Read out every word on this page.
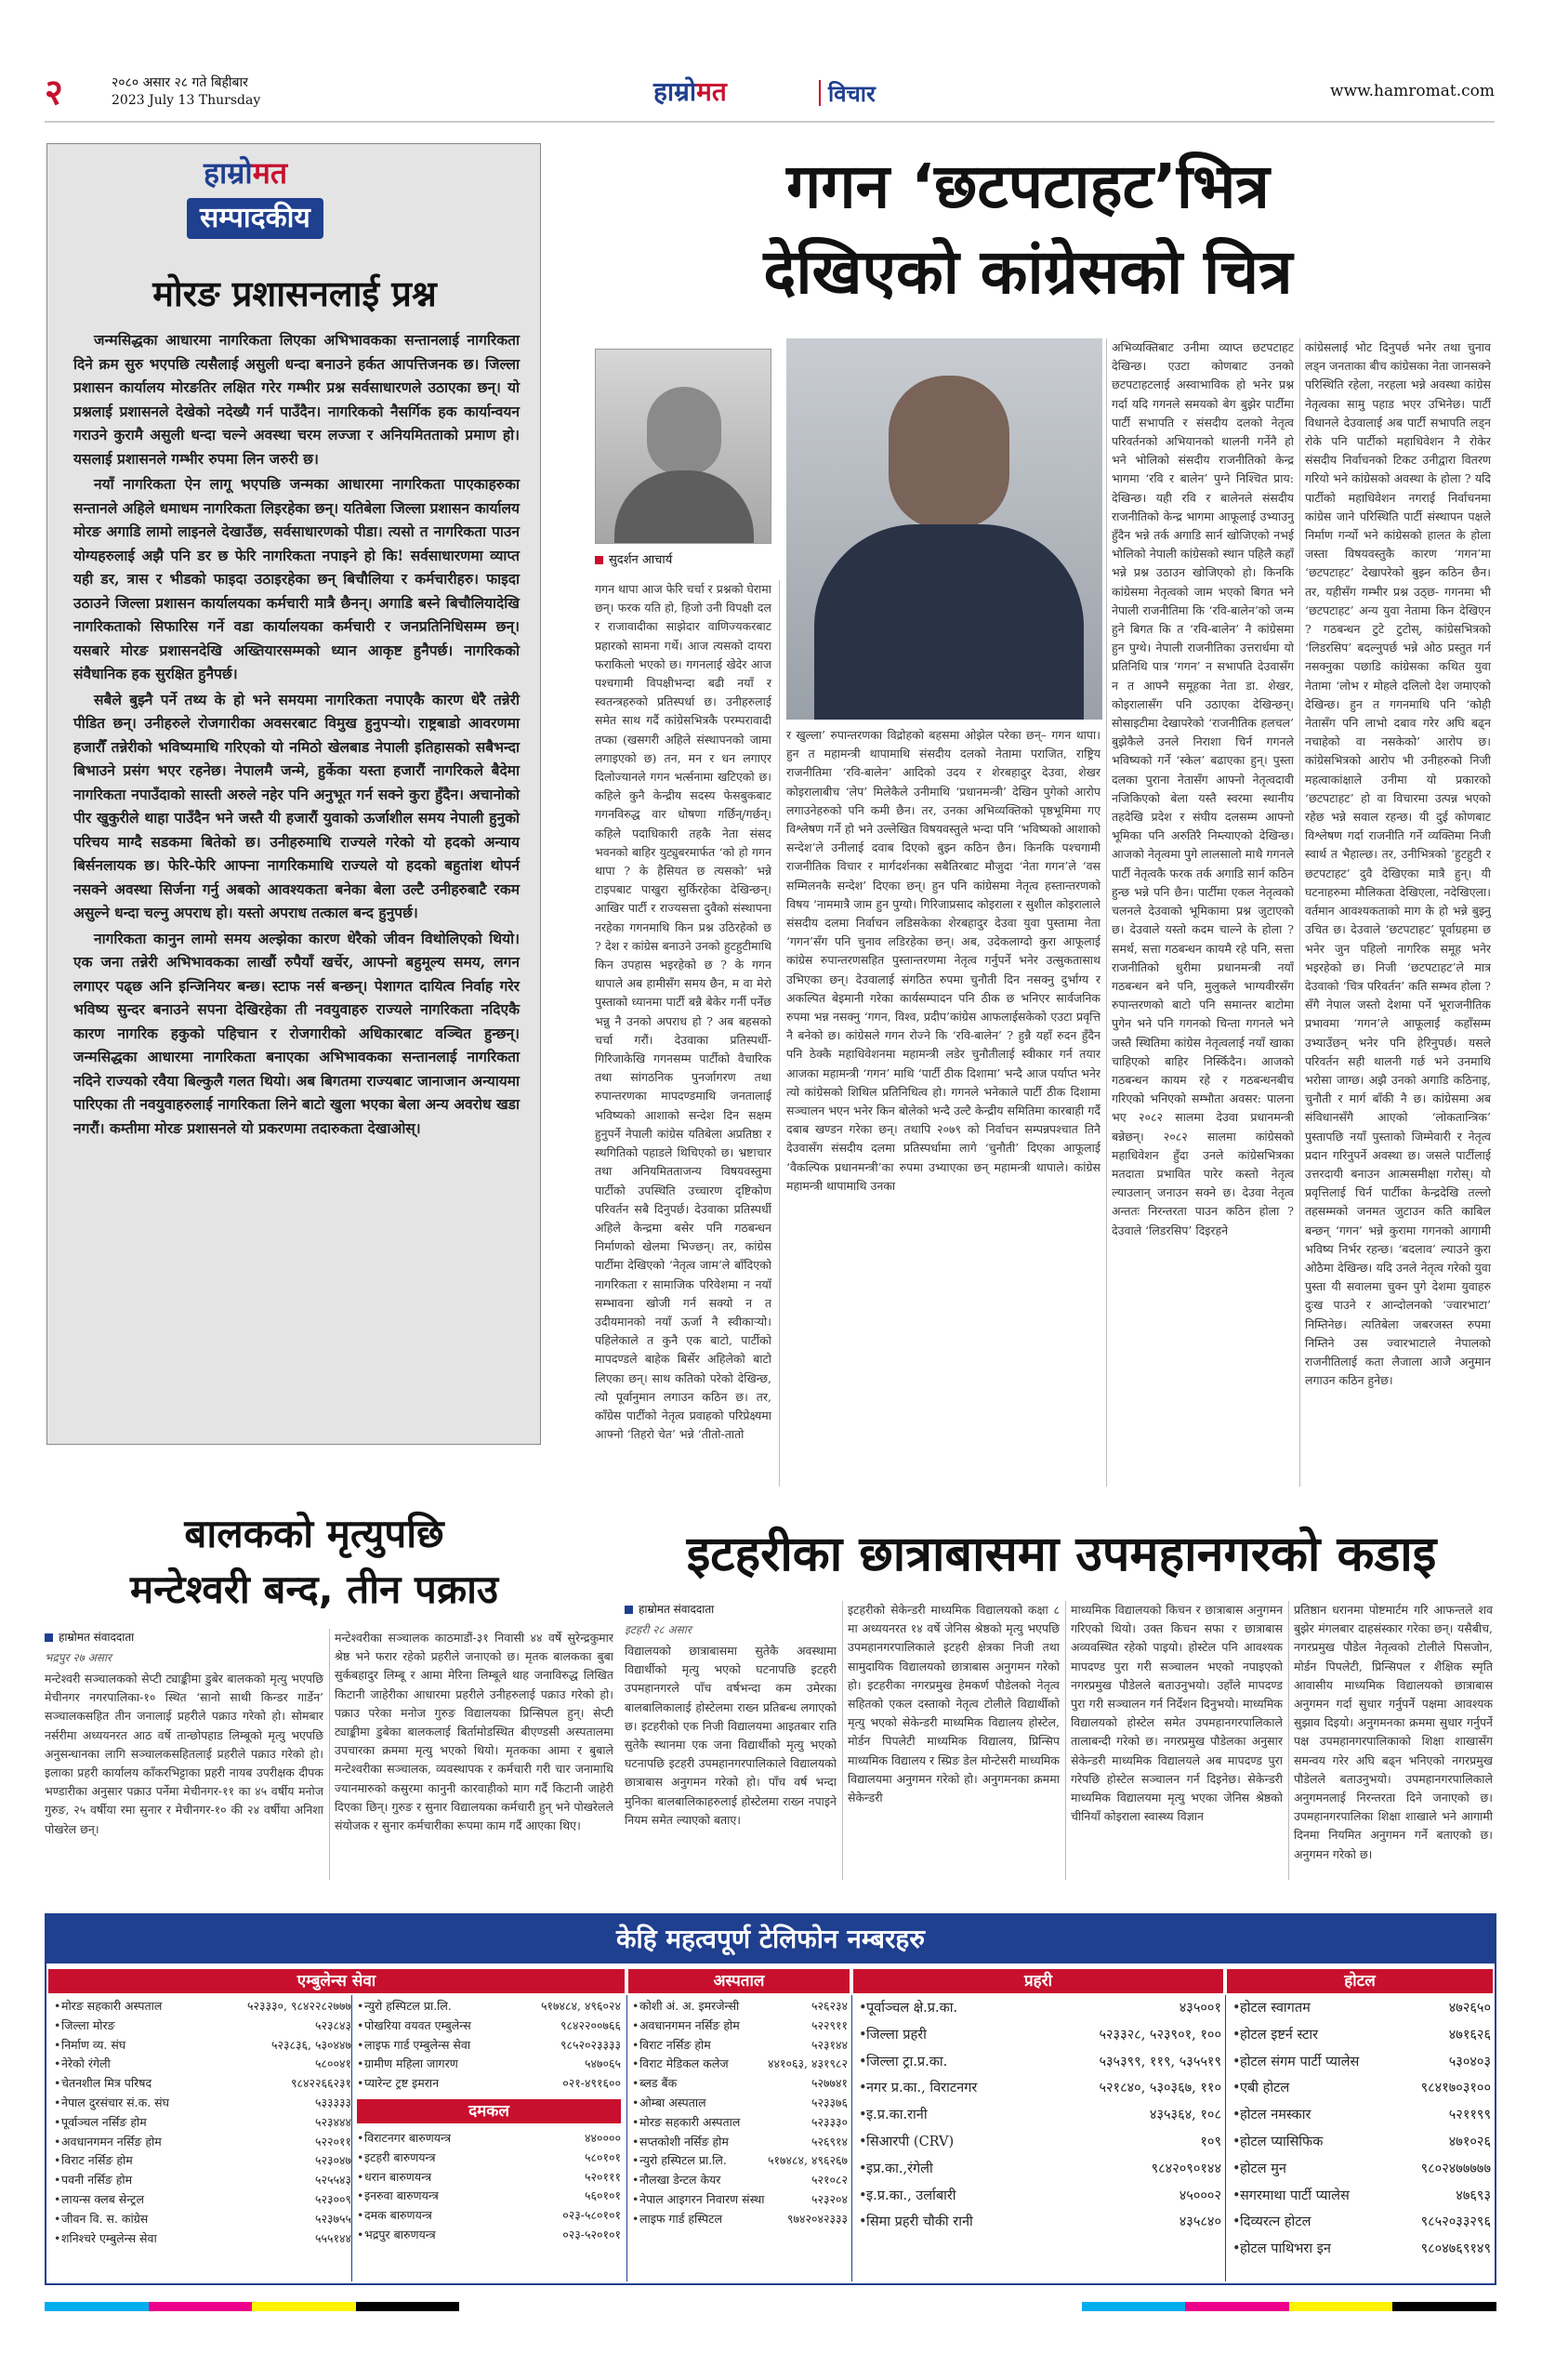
२	२०८० असार २८ गते बिहीबार
2023 July 13 Thursday	हाम्रोमत	विचार	www.hamromat.com
हाम्रोमत
सम्पादकीय
मोरङ प्रशासनलाई प्रश्न

जन्मसिद्धका आधारमा नागरिकता लिएका अभिभावकका सन्तानलाई नागरिकता दिने क्रम सुरु भएपछि त्यसैलाई असुली धन्दा बनाउने हर्कत आपत्तिजनक छ। जिल्ला प्रशासन कार्यालय मोरङतिर लक्षित गरेर गम्भीर प्रश्न सर्वसाधारणले उठाएका छन्। यो प्रश्नलाई प्रशासनले देखेको नदेख्यै गर्न पाउँदैन। नागरिकको नैसर्गिक हक कार्यान्वयन गराउने कुरामै असुली धन्दा चल्ने अवस्था चरम लज्जा र अनियमितताको प्रमाण हो। यसलाई प्रशासनले गम्भीर रुपमा लिन जरुरी छ।

नयाँ नागरिकता ऐन लागू भएपछि जन्मका आधारमा नागरिकता पाएकाहरुका सन्तानले अहिले धमाधम नागरिकता लिइरहेका छन्। यतिबेला जिल्ला प्रशासन कार्यालय मोरङ अगाडि लामो लाइनले देखाउँछ, सर्वसाधारणको पीडा। त्यसो त नागरिकता पाउन योग्यहरुलाई अझै पनि डर छ फेरि नागरिकता नपाइने हो कि! सर्वसाधारणमा व्याप्त यही डर, त्रास र भीडको फाइदा उठाइरहेका छन् बिचौलिया र कर्मचारीहरु। फाइदा उठाउने जिल्ला प्रशासन कार्यालयका कर्मचारी मात्रै छैनन्। अगाडि बस्ने बिचौलियादेखि नागरिकताको सिफारिस गर्ने वडा कार्यालयका कर्मचारी र जनप्रतिनिधिसम्म छन्। यसबारे मोरङ प्रशासनदेखि अख्तियारसम्मको ध्यान आकृष्ट हुनैपर्छ। नागरिकको संवैधानिक हक सुरक्षित हुनैपर्छ।

सबैले बुझ्नै पर्ने तथ्य के हो भने समयमा नागरिकता नपाएकै कारण धेरै तन्नेरी पीडित छन्। उनीहरुले रोजगारीका अवसरबाट विमुख हुनुपर्‍यो। राष्ट्रबाडो आवरणमा हजारौँ तन्नेरीको भविष्यमाथि गरिएको यो नमिठो खेलबाड नेपाली इतिहासको सबैभन्दा बिभाउने प्रसंग भएर रहनेछ। नेपालमै जन्मे, हुर्केका यस्ता हजारौं नागरिकले बैदेमा नागरिकता नपाउँदाको सास्ती अरुले नहेर पनि अनुभूत गर्न सक्ने कुरा हुँदैन। अचानोको पीर खुकुरीले थाहा पाउँदैन भने जस्तै यी हजारौं युवाको ऊर्जाशील समय नेपाली हुनुको परिचय माग्दै सडकमा बितेको छ। उनीहरुमाथि राज्यले गरेको यो हदको अन्याय बिर्सनलायक छ। फेरि-फेरि आफ्ना नागरिकमाथि राज्यले यो हदको बहुतांश थोपर्न नसक्ने अवस्था सिर्जना गर्नु अबको आवश्यकता बनेका बेला उल्टै उनीहरुबाटै रकम असुल्ने धन्दा चल्नु अपराध हो। यस्तो अपराध तत्काल बन्द हुनुपर्छ।

नागरिकता कानुन लामो समय अल्झेका कारण धेरैको जीवन विथोलिएको थियो। एक जना तन्नेरी अभिभावकका लाखौं रुपैयाँ खर्चेर, आफ्नो बहुमूल्य समय, लगन लगाएर पढ्छ अनि इन्जिनियर बन्छ। स्टाफ नर्स बन्छन्। पेशागत दायित्व निर्वाह गरेर भविष्य सुन्दर बनाउने सपना देखिरहेका ती नवयुवाहरु राज्यले नागरिकता नदिएकै कारण नागरिक हकुको पहिचान र रोजगारीको अधिकारबाट वञ्चित हुन्छन्। जन्मसिद्धका आधारमा नागरिकता बनाएका अभिभावकका सन्तानलाई नागरिकता नदिने राज्यको रवैया बिल्कुलै गलत थियो। अब बिगतमा राज्यबाट जानाजान अन्यायमा पारिएका ती नवयुवाहरुलाई नागरिकता लिने बाटो खुला भएका बेला अन्य अवरोध खडा नगरौं। कम्तीमा मोरङ प्रशासनले यो प्रकरणमा तदारुकता देखाओस्।

गगन ‘छटपटाहट’भित्र
देखिएको कांग्रेसको चित्र
सुदर्शन आचार्य
गगन थापा आज फेरि चर्चा र प्रश्नको घेरामा छन्। फरक यति हो, हिजो उनी विपक्षी दल र राजावादीका साझेदार वाणिज्यकरबाट प्रहारको सामना गर्थे। आज त्यसको दायरा फराकिलो भएको छ। गगनलाई खेदेर आज पश्चगामी विपक्षीभन्दा बढी नयाँ र स्वतन्त्रहरुको प्रतिस्पर्धा छ। उनीहरुलाई समेत साथ गर्दै कांग्रेसभित्रकै परम्परावादी तप्का (खसगरी अहिले संस्थापनको जामा लगाइएको छ) तन, मन र धन लगाएर दिलोज्यानले गगन भर्त्सनामा खटिएको छ। कहिले कुनै केन्द्रीय सदस्य फेसबुकबाट गगनविरुद्ध वार धोषणा गर्छिन्/गर्छन्। कहिले पदाधिकारी तहकै नेता संसद भवनको बाहिर युट्युबरमार्फत ‘को हो गगन थापा ? के हैसियत छ त्यसको’ भन्ने टाइपबाट पाखुरा सुर्किरहेका देखिन्छन्। आखिर पार्टी र राज्यसत्ता दुवैको संस्थापना नरहेका गगनमाथि किन प्रश्न उठिरहेको छ ? देश र कांग्रेस बनाउने उनको हुटहुटीमाथि किन उपहास भइरहेको छ ? के गगन थापाले अब हामीसँग समय छैन, म वा मेरो पुस्ताको ध्यानमा पार्टी बन्नै बेकेर गर्नी पर्नेछ भन्नु नै उनको अपराध हो ? अब बहसको चर्चा गरौं। देउवाका प्रतिस्पर्धी- गिरिजाकेखि गगनसम्म पार्टीको वैचारिक तथा सांगठनिक पुनर्जागरण तथा रुपान्तरणका मापदण्डमाथि जनतालाई भविष्यको आशाको सन्देश दिन सक्षम हुनुपर्ने नेपाली कांग्रेस यतिबेला अप्रतिष्ठा र स्थगितिको पहाडले थिचिएको छ। भ्रष्टाचार तथा अनियमितताजन्य विषयवस्तुमा पार्टीको उपस्थिति उच्चारण दृष्टिकोण परिवर्तन सबै दिनुपर्छ। देउवाका प्रतिस्पर्धी अहिले केन्द्रमा बसेर पनि गठबन्धन निर्माणको खेलमा भिज्छन्। तर, कांग्रेस पार्टीमा देखिएको ‘नेतृत्व जाम’ले बाँदिएको नागरिकता र सामाजिक परिवेशमा न नयाँ सम्भावना खोजी गर्न सक्यो न त उदीयमानको नयाँ ऊर्जा नै स्वीकार्‍यो। पहिलेकाले त कुनै एक बाटो, पार्टीको मापदण्डले बाहेक बिर्सेर अहिलेको बाटो लिएका छन्। साथ कतिको परेको देखिन्छ, त्यो पूर्वानुमान लगाउन कठिन छ। तर, काँग्रेस पार्टीको नेतृत्व प्रवाहको परिप्रेक्ष्यमा आफ्नो ‘तिहरो चेत’ भन्ने ‘तीतो-तातो
र खुल्ला’ रुपान्तरणका विद्रोहको बहसमा ओझेल परेका छन्– गगन थापा। हुन त महामन्त्री थापामाथि संसदीय दलको नेतामा पराजित, राष्ट्रिय राजनीतिमा ‘रवि-बालेन’ आदिको उदय र शेरबहादुर देउवा, शेखर कोइरालाबीच ‘लेप’ मिलेकैले उनीमाथि ‘प्रधानमन्त्री’ देखिन पुगेको आरोप लगाउनेहरुको पनि कमी छैन। तर, उनका अभिव्यक्तिको पृष्ठभूमिमा गए विश्लेषण गर्ने हो भने उल्लेखित विषयवस्तुले भन्दा पनि ‘भविष्यको आशाको सन्देश’ले उनीलाई दवाब दिएको बुझ्न कठिन छैन। किनकि पश्चगामी राजनीतिक विचार र मार्गदर्शनका सबैतिरबाट मौजुदा ‘नेता गगन’ले ‘वस सम्मिलनकै सन्देश’ दिएका छन्। हुन पनि कांग्रेसमा नेतृत्व हस्तान्तरणको विषय ‘नाममात्रै जाम हुन पुग्यो। गिरिजाप्रसाद कोइराला र सुशील कोइरालाले संसदीय दलमा निर्वाचन लडिसकेका शेरबहादुर देउवा युवा पुस्तामा नेता ‘गगन’सँग पनि चुनाव लडिरहेका छन्। अब, उदेकलाग्दो कुरा आफूलाई कांग्रेस रुपान्तरणसहित पुस्तान्तरणमा नेतृत्व गर्नुपर्ने भनेर उत्सुकतासाथ उभिएका छन्। देउवालाई संगठित रुपमा चुनौती दिन नसक्नु दुर्भाग्य र अकल्पित बेइमानी गरेका कार्यसम्पादन पनि ठीक छ भनिएर सार्वजनिक रुपमा भन्न नसक्नु ‘गगन, विश्व, प्रदीप’कांग्रेस आफलाईसकेको एउटा प्रवृत्ति नै बनेको छ। कांग्रेसले गगन रोज्ने कि ‘रवि-बालेन’ ? हुन्नै यहाँ रुदन हुँदैन पनि ठेक्कै महाधिवेशनमा महामन्त्री लडेर चुनौतीलाई स्वीकार गर्न तयार आजका महामन्त्री ‘गगन’ माथि ‘पार्टी ठीक दिशामा’ भन्दै आज पर्याप्त भनेर त्यो कांग्रेसको शिथिल प्रतिनिधित्व हो। गगनले भनेकाले पार्टी ठीक दिशामा सञ्चालन भएन भनेर किन बोलेको भन्दै उल्टै केन्द्रीय समितिमा कारबाही गर्दै दबाब खण्डन गरेका छन्। तथापि २०७९ को निर्वाचन सम्पन्नपश्चात तिनै देउवासँग संसदीय दलमा प्रतिस्पर्धामा लागे ‘चुनौती’ दिएका आफूलाई ‘वैकल्पिक प्रधानमन्त्री’का रुपमा उभ्याएका छन् महामन्त्री थापाले। कांग्रेस महामन्त्री थापामाथि उनका
अभिव्यक्तिबाट उनीमा व्याप्त छटपटाहट देखिन्छ। एउटा कोणबाट उनको छटपटाहटलाई अस्वाभाविक हो भनेर प्रश्न गर्दा यदि गगनले समयको बेग बुझेर पार्टीमा पार्टी सभापति र संसदीय दलको नेतृत्व परिवर्तनको अभियानको थालनी गर्नेनै हो भने भोलिको संसदीय राजनीतिको केन्द्र भागमा ‘रवि र बालेन’ पुग्ने निश्चित प्राय: देखिन्छ। यही रवि र बालेनले संसदीय राजनीतिको केन्द्र भागमा आफूलाई उभ्याउनु हुँदैन भन्ने तर्क अगाडि सार्न खोजिएको नभई भोलिको नेपाली कांग्रेसको स्थान पहिलै कहाँ भन्ने प्रश्न उठाउन खोजिएको हो। किनकि कांग्रेसमा नेतृत्वको जाम भएको बिगत भने नेपाली राजनीतिमा कि ‘रवि-बालेन’को जन्म हुने बिगत कि त ‘रवि-बालेन’ नै कांग्रेसमा हुन पुग्थे। नेपाली राजनीतिका उत्तरार्धमा यो प्रतिनिधि पात्र ‘गगन’ न सभापति देउवासँग न त आफ्नै समूहका नेता डा. शेखर, कोइरालासँग पनि उठाएका देखिन्छन्। सोसाइटीमा देखापरेको ‘राजनीतिक हलचल’ बुझेकैले उनले निराशा चिर्न गगनले भविष्यको गर्ने ‘स्केल’ बढाएका हुन्। पुस्ता दलका पुराना नेतासँग आफ्नो नेतृत्वदावी नजिकिएको बेला यस्तै स्वरमा स्थानीय तहदेखि प्रदेश र संघीय दलसम्म आफ्नो भूमिका पनि अरुतिरै निम्त्याएको देखिन्छ। आजको नेतृत्वमा पुगे लालसालो माथै गगनले पार्टी नेतृत्वकै फरक तर्क अगाडि सार्न कठिन हुन्छ भन्ने पनि छैन। पार्टीमा एकल नेतृत्वको चलनले देउवाको भूमिकामा प्रश्न जुटाएको छ। देउवाले यस्तो कदम चाल्ने के होला ? समर्थ, सत्ता गठबन्धन कायमै रहे पनि, सत्ता राजनीतिको धुरीमा प्रधानमन्त्री नयाँ गठबन्धन बने पनि, मुलुकले भाग्यवीरसँग रुपान्तरणको बाटो पनि समान्तर बाटोमा पुगेन भने पनि गगनको चिन्ता गगनले भने जस्तै स्थितिमा कांग्रेस नेतृत्वलाई नयाँ खाका चाहिएको बाहिर निस्किँदैन। आजको गठबन्धन कायम रहे र गठबन्धनबीच गरिएको भनिएको सम्भौता अवसर: पालना भए २०८२ सालमा देउवा प्रधानमन्त्री बन्नेछन्। २०८२ सालमा कांग्रेसको महाधिवेशन हुँदा उनले कांग्रेसभित्रका मतदाता प्रभावित पारेर कस्तो नेतृत्व ल्याउलान् जनाउन सक्ने छ। देउवा नेतृत्व अन्ततः निरन्तरता पाउन कठिन होला ? देउवाले ‘लिडरसिप’ दिइरहने
कांग्रेसलाई भोट दिनुपर्छ भनेर तथा चुनाव लड्न जनताका बीच कांग्रेसका नेता जानसक्ने परिस्थिति रहेला, नरहला भन्ने अवस्था कांग्रेस नेतृत्वका सामु पहाड भएर उभिनेछ। पार्टी विधानले देउवालाई अब पार्टी सभापति लड्न रोके पनि पार्टीको महाधिवेशन नै रोकेर संसदीय निर्वाचनको टिकट उनीद्वारा वितरण गरियो भने कांग्रेसको अवस्था के होला ? यदि पार्टीको महाधिवेशन नगराई निर्वाचनमा कांग्रेस जाने परिस्थिति पार्टी संस्थापन पक्षले निर्माण गर्न्यो भने कांग्रेसको हालत के होला जस्ता विषयवस्तुकै कारण ‘गगन’मा ‘छटपटाहट’ देखापरेको बुझ्न कठिन छैन। तर, यहीसँग गम्भीर प्रश्न उठ्छ- गगनमा भी ‘छटपटाहट’ अन्य युवा नेतामा किन देखिएन ? गठबन्धन टुटे टुटोस्, कांग्रेसभित्रको ‘लिडरसिप’ बदल्नुपर्छ भन्ने ओठ प्रस्तुत गर्न नसक्नुका पछाडि कांग्रेसका कथित युवा नेतामा ‘लोभ र मोहले दलिलो देश जमाएको देखिन्छ। हुन त गगनमाथि पनि ‘कोही नेतासँग पनि लाभो दबाव गरेर अघि बढ्न नचाहेको वा नसकेको’ आरोप छ। कांग्रेसभित्रको आरोप भी उनीहरुको निजी महत्वाकांक्षाले उनीमा यो प्रकारको ‘छटपटाहट’ हो वा विचारमा उत्पन्न भएको रहेछ भन्ने सवाल रहन्छ। यी दुई कोणबाट विश्लेषण गर्दा राजनीति गर्ने व्यक्तिमा निजी स्वार्थ त भैहाल्छ। तर, उनीभित्रको ‘हुटहुटी र छटपटाहट’ दुवै देखिएका मात्रै हुन्। यी घटनाहरुमा मौलिकता देखिएला, नदेखिएला। वर्तमान आवश्यकताको माग के हो भन्ने बुझ्नु उचित छ। देउवाले ‘छटपटाहट’ पूर्वाग्रहमा छ भनेर जुन पहिलो नागरिक समूह भनेर भइरहेको छ। निजी ‘छटपटाहट’ले मात्र देउवाको ‘चित्र परिवर्तन’ कति सम्भव होला ? सँगै नेपाल जस्तो देशमा पर्ने भूराजनीतिक प्रभावमा ‘गगन’ले आफूलाई कहाँसम्म उभ्याउँछन् भनेर पनि हेरिनुपर्छ। यसले परिवर्तन सही थालनी गर्छ भने उनमाथि भरोसा जाग्छ। अझै उनको अगाडि कठिनाइ, चुनौती र मार्ग बाँकी नै छ। कांग्रेसमा अब संविधानसँगै आएको ‘लोकतान्त्रिक’ पुस्तापछि नयाँ पुस्ताको जिम्मेवारी र नेतृत्व प्रदान गरिनुपर्ने अवस्था छ। जसले पार्टीलाई उत्तरदायी बनाउन आत्मसमीक्षा गरोस्। यो प्रवृत्तिलाई चिर्न पार्टीका केन्द्रदेखि तल्लो तहसम्मको जनमत जुटाउन कति काबिल बन्छन् ‘गगन’ भन्ने कुरामा गगनको आगामी भविष्य निर्भर रहन्छ। ‘बदलाव’ ल्याउने कुरा ओठैमा देखिन्छ। यदि उनले नेतृत्व गरेको युवा पुस्ता यी सवालमा चुक्न पुगे देशमा युवाहरु दुःख पाउने र आन्दोलनको ‘ज्वारभाटा’ निम्तिनेछ। त्यतिबेला जबरजस्त रुपमा निम्तिने उस ज्वारभाटाले नेपालको राजनीतिलाई कता लैजाला आजै अनुमान लगाउन कठिन हुनेछ।
बालकको मृत्युपछि
मन्टेश्वरी बन्द, तीन पक्राउ
हाम्रोमत संवाददाता
भद्रपुर २७ असार
मन्टेश्वरी सञ्चालकको सेप्टी ट्याङ्कीमा डुबेर बालकको मृत्यु भएपछि मेचीनगर नगरपालिका-१० स्थित ‘सानो साथी किन्डर गार्डेन’ सञ्चालकसहित तीन जनालाई प्रहरीले पक्राउ गरेको हो। सोमबार नर्सरीमा अध्ययनरत आठ वर्षे तान्छोपहाड लिम्बूको मृत्यु भएपछि अनुसन्धानका लागि सञ्चालकसहितलाई प्रहरीले पक्राउ गरेको हो। इलाका प्रहरी कार्यालय काँकरभिट्टाका प्रहरी नायब उपरीक्षक दीपक भण्डारीका अनुसार पक्राउ पर्नेमा मेचीनगर-११ का ४५ वर्षीय मनोज गुरुङ, २५ वर्षीया रमा सुनार र मेचीनगर-१० की २४ वर्षीया अनिशा पोखरेल छन्।
मन्टेश्वरीका सञ्चालक काठमाडौं-३१ निवासी ४४ वर्षे सुरेन्द्रकुमार श्रेष्ठ भने फरार रहेको प्रहरीले जनाएको छ। मृतक बालकका बुबा सुर्कबहादुर लिम्बू र आमा मेरिना लिम्बूले थाह जनाविरुद्ध लिखित किटानी जाहेरीका आधारमा प्रहरीले उनीहरुलाई पक्राउ गरेको हो। पक्राउ परेका मनोज गुरुङ विद्यालयका प्रिन्सिपल हुन्। सेप्टी ट्याङ्कीमा डुबेका बालकलाई बिर्तामोडस्थित बीएण्डसी अस्पतालमा उपचारका क्रममा मृत्यु भएको थियो। मृतकका आमा र बुबाले मन्टेश्वरीका सञ्चालक, व्यवस्थापक र कर्मचारी गरी चार जनामाथि ज्यानमारुको कसुरमा कानुनी कारवाहीको माग गर्दै किटानी जाहेरी दिएका छिन्। गुरुङ र सुनार विद्यालयका कर्मचारी हुन् भने पोखरेलले संयोजक र सुनार कर्मचारीका रूपमा काम गर्दै आएका थिए।
इटहरीका छात्राबासमा उपमहानगरको कडाइ
हाम्रोमत संवाददाता
इटहरी २८ असार
विद्यालयको छात्राबासमा सुतेकै अवस्थामा विद्यार्थीको मृत्यु भएको घटनापछि इटहरी उपमहानगरले पाँच वर्षभन्दा कम उमेरका बालबालिकालाई होस्टेलमा राख्न प्रतिबन्ध लगाएको छ। इटहरीको एक निजी विद्यालयमा आइतबार राति सुतेकै स्थानमा एक जना विद्यार्थीको मृत्यु भएको घटनापछि इटहरी उपमहानगरपालिकाले विद्यालयको छात्राबास अनुगमन गरेको हो। पाँच वर्ष भन्दा मुनिका बालबालिकाहरुलाई होस्टेलमा राख्न नपाइने नियम समेत ल्याएको बताए।
इटहरीको सेकेन्डरी माध्यमिक विद्यालयको कक्षा ८ मा अध्ययनरत १४ वर्षे जेनिस श्रेष्ठको मृत्यु भएपछि उपमहानगरपालिकाले इटहरी क्षेत्रका निजी तथा सामुदायिक विद्यालयको छात्राबास अनुगमन गरेको हो। इटहरीका नगरप्रमुख हेमकर्ण पौडेलको नेतृत्व सहितको एकल दस्ताको नेतृत्व टोलीले विद्यार्थीको मृत्यु भएको सेकेन्डरी माध्यमिक विद्यालय होस्टेल, मोर्डन पिपलेटी माध्यमिक विद्यालय, प्रिन्सिप माध्यमिक विद्यालय र स्प्रिङ डेल मोन्टेसरी माध्यमिक विद्यालयमा अनुगमन गरेको हो। अनुगमनका क्रममा सेकेन्डरी
माध्यमिक विद्यालयको किचन र छात्राबास अनुगमन गरिएको थियो। उक्त किचन सफा र छात्राबास अव्यवस्थित रहेको पाइयो। होस्टेल पनि आवश्यक मापदण्ड पुरा गरी सञ्चालन भएको नपाइएको नगरप्रमुख पौडेलले बताउनुभयो। उहाँले मापदण्ड पुरा गरी सञ्चालन गर्न निर्देशन दिनुभयो। माध्यमिक विद्यालयको होस्टेल समेत उपमहानगरपालिकाले तालाबन्दी गरेको छ। नगरप्रमुख पौडेलका अनुसार सेकेन्डरी माध्यमिक विद्यालयले अब मापदण्ड पुरा गरेपछि होस्टेल सञ्चालन गर्न दिइनेछ। सेकेन्डरी माध्यमिक विद्यालयमा मृत्यु भएका जेनिस श्रेष्ठको चीनियाँ कोइराला स्वास्थ्य विज्ञान
प्रतिष्ठान धरानमा पोष्टमार्टम गरि आफन्तले शव बुझेर मंगलबार दाहसंस्कार गरेका छन्। यसैबीच, नगरप्रमुख पौडेल नेतृत्वको टोलीले पिसजोन, मोर्डन पिपलेटी, प्रिन्सिपल र शैक्षिक स्मृति आवासीय माध्यमिक विद्यालयको छात्राबास अनुगमन गर्दा सुधार गर्नुपर्ने पक्षमा आवश्यक सुझाव दिइयो। अनुगमनका क्रममा सुधार गर्नुपर्ने पक्ष उपमहानगरपालिकाको शिक्षा शाखासँग समन्वय गरेर अघि बढ्न भनिएको नगरप्रमुख पौडेलले बताउनुभयो। उपमहानगरपालिकाले अनुगमनलाई निरन्तरता दिने जनाएको छ। उपमहानगरपालिका शिक्षा शाखाले भने आगामी दिनमा नियमित अनुगमन गर्ने बताएको छ। अनुगमन गरेको छ।
केहि महत्वपूर्ण टेलिफोन नम्बरहरु
एम्बुलेन्स सेवा	अस्पताल	प्रहरी	होटल
• मोरङ सहकारी अस्पताल	५२३३३०, ९८४२२८२७७७
• जिल्ला मोरङ	५२३८४३
• निर्माण व्य. संघ	५२३८३६, ५३०४४७
• नेरेको रंगेली	५८००४१
• चेतनशील मित्र परिषद	९८४२२६६२३१
• नेपाल दुरसंचार सं.क. संघ	५३३३३३
• पूर्वाञ्चल नर्सिङ होम	५२३४४४
• अवधानगमन नर्सिङ होम	५२२०११
• विराट नर्सिङ होम	५२३०४७
• पवनी नर्सिङ होम	५२५५४३
• लायन्स क्लब सेन्ट्रल	५२३००९
• जीवन वि. स. कांग्रेस	५२३७५५
• शनिश्चरे एम्बुलेन्स सेवा	५५५१४४
• न्युरो हस्पिटल प्रा.लि.	५१७४८४, ४९६०२४
• पोखरिया वयवत एम्बुलेन्स	९८४२२००७६६
• लाइफ गार्ड एम्बुलेन्स सेवा	९८५२०२३३३३
• ग्रामीण महिला जागरण	५४७०६५
• प्यारेन्ट ट्रष्ट इमरान	०२१-४९१६००
दमकल
• विराटनगर बारुणयन्त्र	४४००००
• इटहरी बारुणयन्त्र	५८०१०१
• धरान बारुणयन्त्र	५२०१११
• इनरुवा बारुणयन्त्र	५६०१०१
• दमक बारुणयन्त्र	०२३-५८०१०१
• भद्रपुर बारुणयन्त्र	०२३-५२०१०१
• कोशी अं. अ. इमरजेन्सी	५२६२३४
• अवधानगमन नर्सिङ होम	५२२९११
• विराट नर्सिङ होम	५२३१४४
• विराट मेडिकल कलेज	४४१०६३, ४३१९८२
• ब्लड बैंक	५२७७४१
• ओम्बा अस्पताल	५२३३७६
• मोरङ सहकारी अस्पताल	५२३३३०
• सप्तकोशी नर्सिङ होम	५२६९१४
• न्युरो हस्पिटल प्रा.लि.	५१७४८४, ४९६२६७
• नौलखा डेन्टल केयर	५२१०८२
• नेपाल आइगरन निवारण संस्था	५२३२०४
• लाइफ गार्ड हस्पिटल	९७४२०४२३३३
• पूर्वाञ्चल क्षे.प्र.का.	४३५००१
• जिल्ला प्रहरी	५२३३२८, ५२३९०१, १००
• जिल्ला ट्रा.प्र.का.	५३५३९९, ११९, ५३५५१९
• नगर प्र.का., विराटनगर	५२१८४०, ५३०३६७, ११०
• इ.प्र.का.रानी	४३५३६४, १०८
• सिआरपी (CRV)	१०९
• इप्र.का.,रंगेली	९८४२०९०१४४
• इ.प्र.का., उर्लाबारी	४५०००२
• सिमा प्रहरी चौकी रानी	४३५८४०
• होटल स्वागतम	४७२६५०
• होटल इष्टर्न स्टार	४७१६२६
• होटल संगम पार्टी प्यालेस	५३०४०३
• एबी होटल	९८४१७०३१००
• होटल नमस्कार	५२११९९
• होटल प्यासिफिक	४७१०२६
• होटल मुन	९८०२४७७७७७
• सगरमाथा पार्टी प्यालेस	४७६९३
• दिव्यरत्न होटल	९८५२०३३२९६
• होटल पाथिभरा इन	९८०४७६९१४९
